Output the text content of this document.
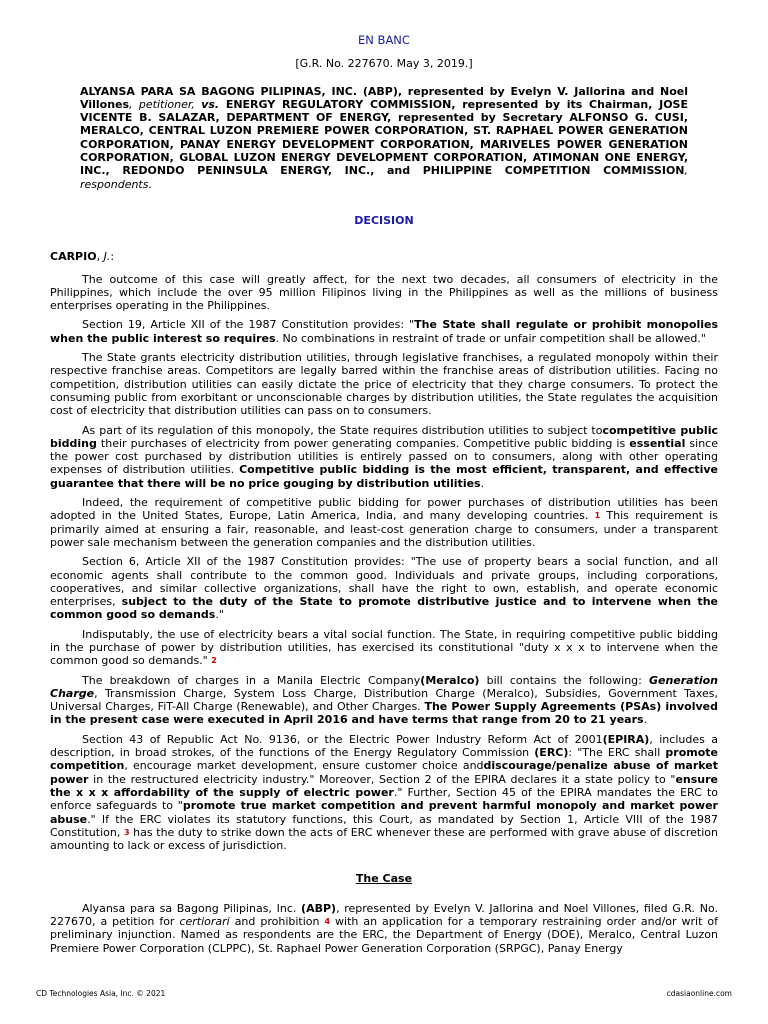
EN BANC
[G.R. No. 227670. May 3, 2019.]
ALYANSA PARA SA BAGONG PILIPINAS, INC. (ABP), represented by Evelyn V. Jallorina and Noel Villones, petitioner, vs. ENERGY REGULATORY COMMISSION, represented by its Chairman, JOSE VICENTE B. SALAZAR, DEPARTMENT OF ENERGY, represented by Secretary ALFONSO G. CUSI, MERALCO, CENTRAL LUZON PREMIERE POWER CORPORATION, ST. RAPHAEL POWER GENERATION CORPORATION, PANAY ENERGY DEVELOPMENT CORPORATION, MARIVELES POWER GENERATION CORPORATION, GLOBAL LUZON ENERGY DEVELOPMENT CORPORATION, ATIMONAN ONE ENERGY, INC., REDONDO PENINSULA ENERGY, INC., and PHILIPPINE COMPETITION COMMISSION, respondents.
DECISION
CARPIO, J.:

The outcome of this case will greatly affect, for the next two decades, all consumers of electricity in the Philippines, which include the over 95 million Filipinos living in the Philippines as well as the millions of business enterprises operating in the Philippines.

Section 19, Article XII of the 1987 Constitution provides: "The State shall regulate or prohibit monopolies when the public interest so requires. No combinations in restraint of trade or unfair competition shall be allowed."

The State grants electricity distribution utilities, through legislative franchises, a regulated monopoly within their respective franchise areas. Competitors are legally barred within the franchise areas of distribution utilities. Facing no competition, distribution utilities can easily dictate the price of electricity that they charge consumers. To protect the consuming public from exorbitant or unconscionable charges by distribution utilities, the State regulates the acquisition cost of electricity that distribution utilities can pass on to consumers.

As part of its regulation of this monopoly, the State requires distribution utilities to subject tocompetitive public bidding their purchases of electricity from power generating companies. Competitive public bidding is essential since the power cost purchased by distribution utilities is entirely passed on to consumers, along with other operating expenses of distribution utilities. Competitive public bidding is the most efficient, transparent, and effective guarantee that there will be no price gouging by distribution utilities.

Indeed, the requirement of competitive public bidding for power purchases of distribution utilities has been adopted in the United States, Europe, Latin America, India, and many developing countries. $^1$ This requirement is primarily aimed at ensuring a fair, reasonable, and least-cost generation charge to consumers, under a transparent power sale mechanism between the generation companies and the distribution utilities.

Section 6, Article XII of the 1987 Constitution provides: "The use of property bears a social function, and all economic agents shall contribute to the common good. Individuals and private groups, including corporations, cooperatives, and similar collective organizations, shall have the right to own, establish, and operate economic enterprises, subject to the duty of the State to promote distributive justice and to intervene when the common good so demands."

Indisputably, the use of electricity bears a vital social function. The State, in requiring competitive public bidding in the purchase of power by distribution utilities, has exercised its constitutional "duty x x x to intervene when the common good so demands." $^2$

The breakdown of charges in a Manila Electric Company(Meralco) bill contains the following: Generation Charge, Transmission Charge, System Loss Charge, Distribution Charge (Meralco), Subsidies, Government Taxes, Universal Charges, FiT-All Charge (Renewable), and Other Charges. The Power Supply Agreements (PSAs) involved in the present case were executed in April 2016 and have terms that range from 20 to 21 years.

Section 43 of Republic Act No. 9136, or the Electric Power Industry Reform Act of 2001(EPIRA), includes a description, in broad strokes, of the functions of the Energy Regulatory Commission (ERC): "The ERC shall promote competition, encourage market development, ensure customer choice anddiscourage/penalize abuse of market power in the restructured electricity industry." Moreover, Section 2 of the EPIRA declares it a state policy to "ensure the x x x affordability of the supply of electric power." Further, Section 45 of the EPIRA mandates the ERC to enforce safeguards to "promote true market competition and prevent harmful monopoly and market power abuse." If the ERC violates its statutory functions, this Court, as mandated by Section 1, Article VIII of the 1987 Constitution, $^3$ has the duty to strike down the acts of ERC whenever these are performed with grave abuse of discretion amounting to lack or excess of jurisdiction.

The Case

Alyansa para sa Bagong Pilipinas, Inc. (ABP), represented by Evelyn V. Jallorina and Noel Villones, filed G.R. No. 227670, a petition for certiorari and prohibition $^4$ with an application for a temporary restraining order and/or writ of preliminary injunction. Named as respondents are the ERC, the Department of Energy (DOE), Meralco, Central Luzon Premiere Power Corporation (CLPPC), St. Raphael Power Generation Corporation (SRPGC), Panay Energy

CD Technologies Asia, Inc. © 2021	cdasiaonline.com
